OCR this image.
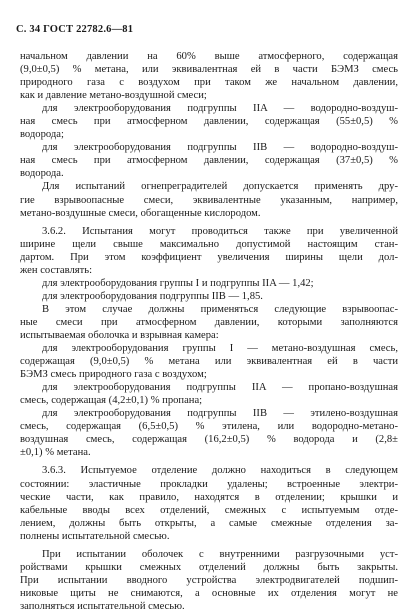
С. 34 ГОСТ 22782.6—81
начальном давлении на 60% выше атмосферного, содержащая
(9,0±0,5) % метана, или эквивалентная ей в части БЭМЗ смесь
природного газа с воздухом при таком же начальном давлении,
как и давление метано-воздушной смеси;
для электрооборудования подгруппы IIA — водородно-воздуш-
ная смесь при атмосферном давлении, содержащая (55±0,5) %
водорода;
для электрооборудования подгруппы IIB — водородно-воздуш-
ная смесь при атмосферном давлении, содержащая (37±0,5) %
водорода.
Для испытаний огнепреградителей допускается применять дру-
гие взрывоопасные смеси, эквивалентные указанным, например,
метано-воздушные смеси, обогащенные кислородом.
3.6.2. Испытания могут проводиться также при увеличенной
ширине щели свыше максимально допустимой настоящим стан-
дартом. При этом коэффициент увеличения ширины щели дол-
жен составлять:
для электрооборудования группы I и подгруппы IIA — 1,42;
для электрооборудования подгруппы IIB — 1,85.
В этом случае должны применяться следующие взрывоопас-
ные смеси при атмосферном давлении, которыми заполняются
испытываемая оболочка и взрывная камера:
для электрооборудования группы I — метано-воздушная смесь,
содержащая (9,0±0,5) % метана или эквивалентная ей в части
БЭМЗ смесь природного газа с воздухом;
для электрооборудования подгруппы IIA — пропано-воздушная
смесь, содержащая (4,2±0,1) % пропана;
для электрооборудования подгруппы IIB — этилено-воздушная
смесь, содержащая (6,5±0,5) % этилена, или водородно-метано-
воздушная смесь, содержащая (16,2±0,5) % водорода и (2,8±
±0,1) % метана.
3.6.3. Испытуемое отделение должно находиться в следующем
состоянии: эластичные прокладки удалены; встроенные электри-
ческие части, как правило, находятся в отделении; крышки и
кабельные вводы всех отделений, смежных с испытуемым отде-
лением, должны быть открыты, а самые смежные отделения за-
полнены испытательной смесью.
При испытании оболочек с внутренними разгрузочными уст-
ройствами крышки смежных отделений должны быть закрыты.
При испытании вводного устройства электродвигателей подшип-
никовые щиты не снимаются, а основные их отделения могут не
заполняться испытательной смесью.
